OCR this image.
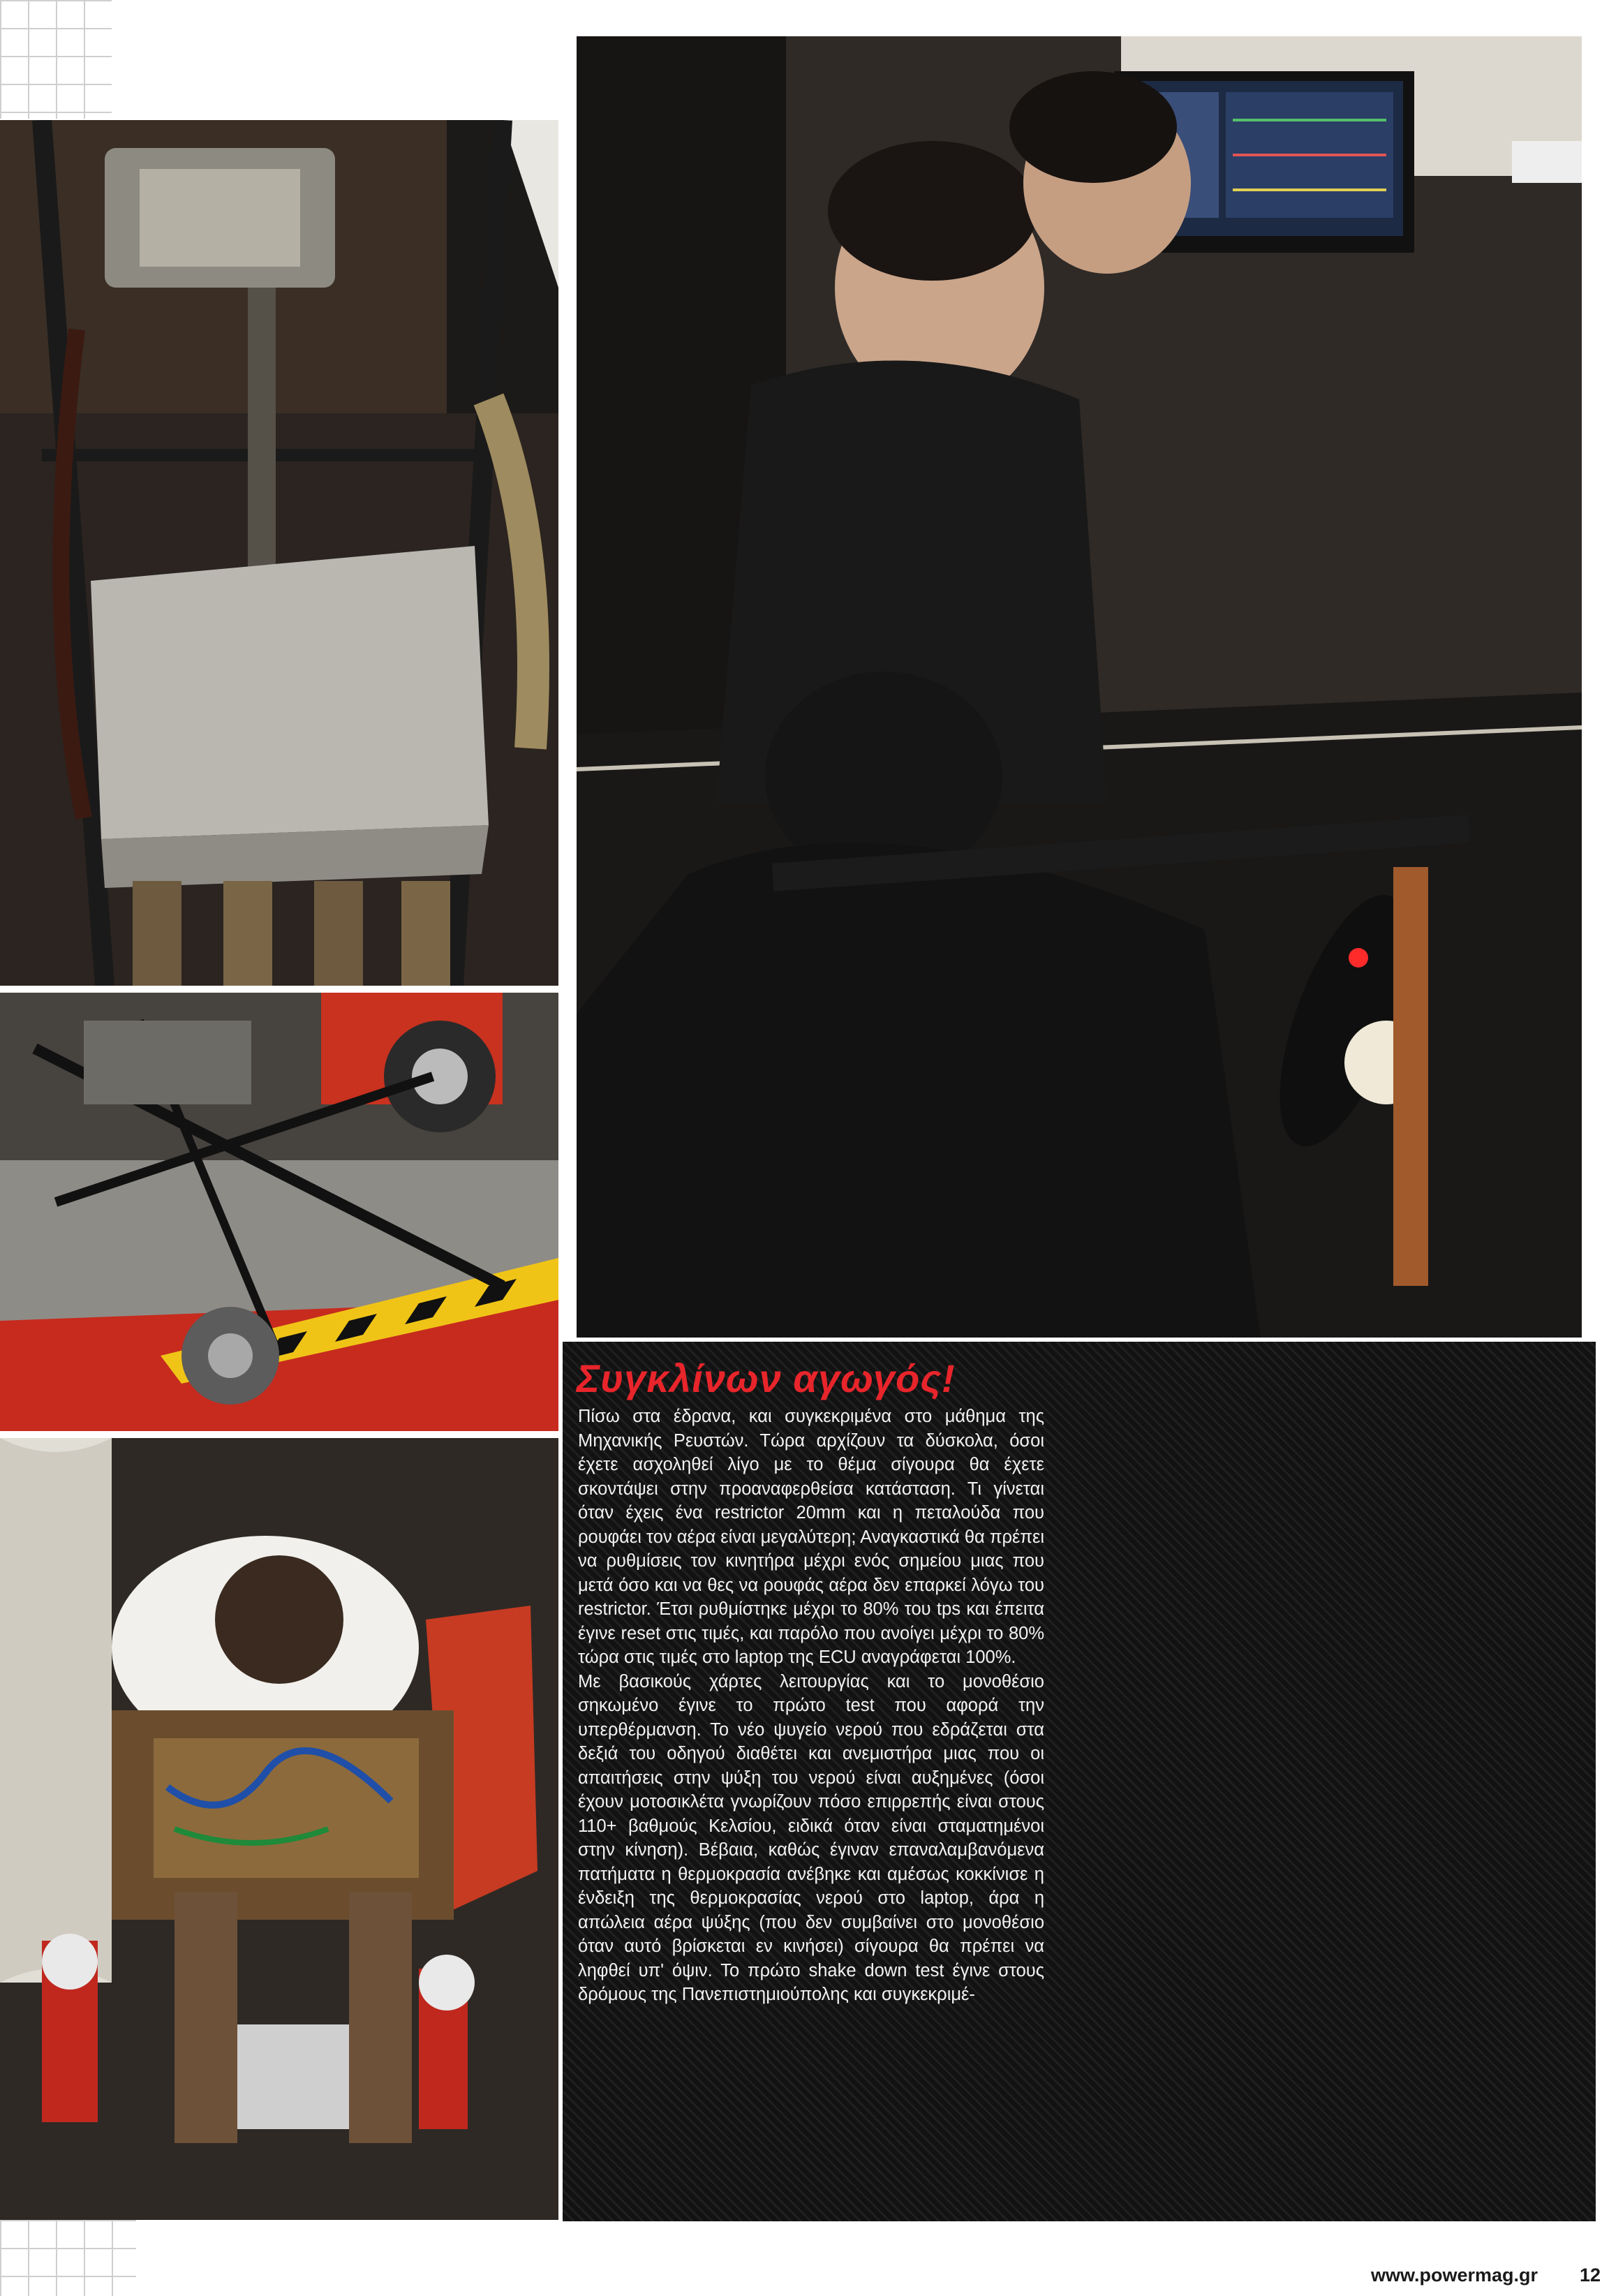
Συγκλίνων αγωγός!

Πίσω στα έδρανα, και συγκεκριμένα στο μάθημα της Μηχανικής Ρευστών. Τώρα αρχίζουν τα δύσκολα, όσοι έχετε ασχοληθεί λίγο με το θέμα σίγουρα θα έχετε σκοντάψει στην προαναφερθείσα κατάσταση. Τι γίνεται όταν έχεις ένα restrictor 20mm και η πεταλούδα που ρουφάει τον αέρα είναι μεγαλύτερη; Αναγκαστικά θα πρέπει να ρυθμίσεις τον κινητήρα μέχρι ενός σημείου μιας που μετά όσο και να θες να ρουφάς αέρα δεν επαρκεί λόγω του restrictor. Έτσι ρυθμίστηκε μέχρι το 80% του tps και έπειτα έγινε reset στις τιμές, και παρόλο που ανοίγει μέχρι το 80% τώρα στις τιμές στο laptop της ECU αναγράφεται 100%.

Με βασικούς χάρτες λειτουργίας και το μονοθέσιο σηκωμένο έγινε το πρώτο test που αφορά την υπερθέρμανση. Το νέο ψυγείο νερού που εδράζεται στα δεξιά του οδηγού διαθέτει και ανεμιστήρα μιας που οι απαιτήσεις στην ψύξη του νερού είναι αυξημένες (όσοι έχουν μοτοσικλέτα γνωρίζουν πόσο επιρρεπής είναι στους 110+ βαθμούς Κελσίου, ειδικά όταν είναι σταματημένοι στην κίνηση). Βέβαια, καθώς έγιναν επαναλαμβανόμενα πατήματα η θερμοκρασία ανέβηκε και αμέσως κοκκίνισε η ένδειξη της θερμοκρασίας νερού στο laptop, άρα η απώλεια αέρα ψύξης (που δεν συμβαίνει στο μονοθέσιο όταν αυτό βρίσκεται εν κινήσει) σίγουρα θα πρέπει να ληφθεί υπ' όψιν. Το πρώτο shake down test έγινε στους δρόμους της Πανεπιστημιούπολης και συγκεκριμέ-

www.powermag.gr 12
